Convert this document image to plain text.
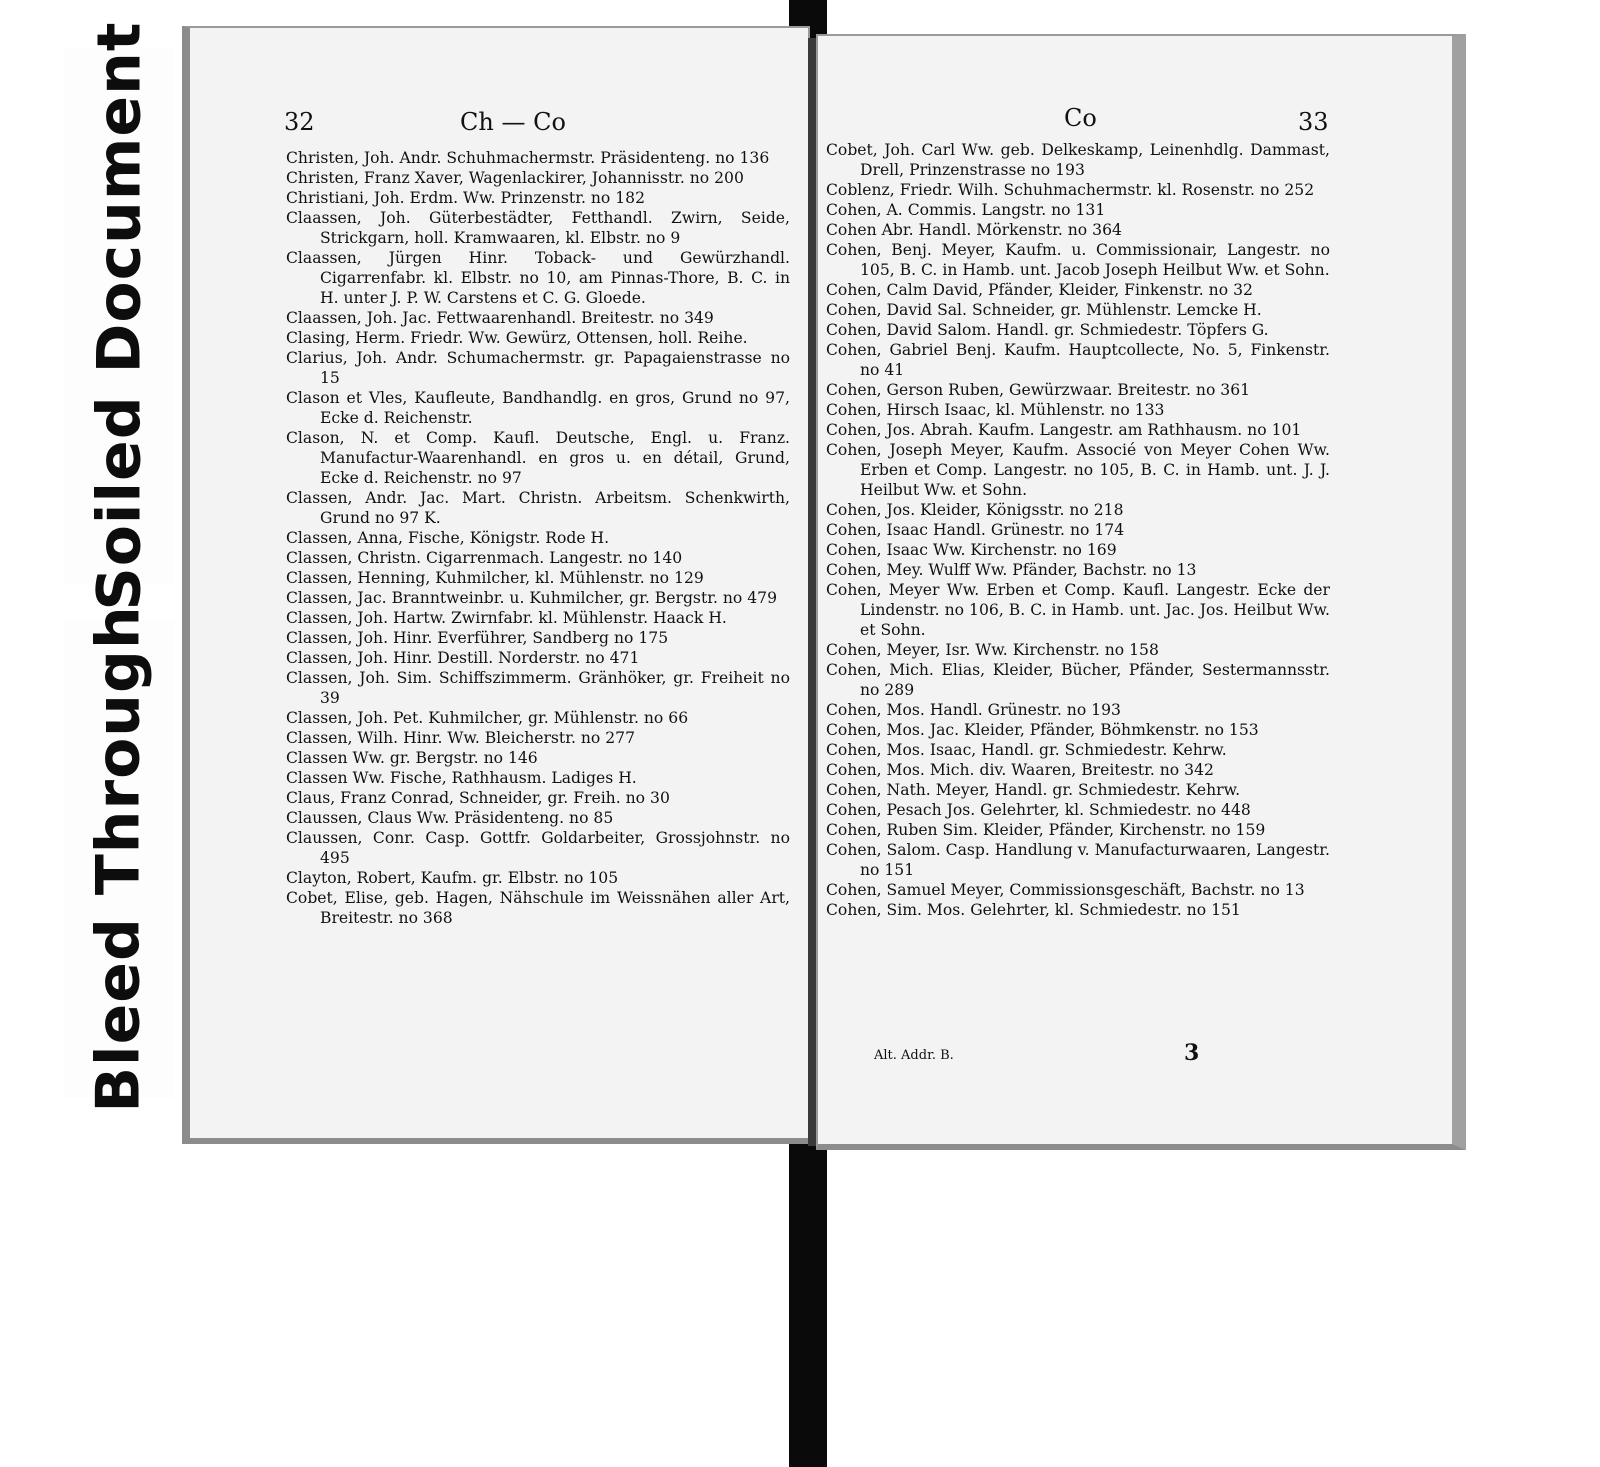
Soiled Document
Bleed Through
32	Ch — Co
Christen, Joh. Andr. Schuhmachermstr. Präsidenteng. no 136
Christen, Franz Xaver, Wagenlackirer, Johannisstr. no 200
Christiani, Joh. Erdm. Ww. Prinzenstr. no 182
Claassen, Joh. Güterbestädter, Fetthandl. Zwirn, Seide, Strickgarn, holl. Kramwaaren, kl. Elbstr. no 9
Claassen, Jürgen Hinr. Toback- und Gewürzhandl. Cigarrenfabr. kl. Elbstr. no 10, am Pinnas-Thore, B. C. in H. unter J. P. W. Carstens et C. G. Gloede.
Claassen, Joh. Jac. Fettwaarenhandl. Breitestr. no 349
Clasing, Herm. Friedr. Ww. Gewürz, Ottensen, holl. Reihe.
Clarius, Joh. Andr. Schumachermstr. gr. Papagaienstrasse no 15
Clason et Vles, Kaufleute, Bandhandlg. en gros, Grund no 97, Ecke d. Reichenstr.
Clason, N. et Comp. Kaufl. Deutsche, Engl. u. Franz. Manufactur-Waarenhandl. en gros u. en détail, Grund, Ecke d. Reichenstr. no 97
Classen, Andr. Jac. Mart. Christn. Arbeitsm. Schenkwirth, Grund no 97 K.
Classen, Anna, Fische, Königstr. Rode H.
Classen, Christn. Cigarrenmach. Langestr. no 140
Classen, Henning, Kuhmilcher, kl. Mühlenstr. no 129
Classen, Jac. Branntweinbr. u. Kuhmilcher, gr. Bergstr. no 479
Classen, Joh. Hartw. Zwirnfabr. kl. Mühlenstr. Haack H.
Classen, Joh. Hinr. Everführer, Sandberg no 175
Classen, Joh. Hinr. Destill. Norderstr. no 471
Classen, Joh. Sim. Schiffszimmerm. Gränhöker, gr. Freiheit no 39
Classen, Joh. Pet. Kuhmilcher, gr. Mühlenstr. no 66
Classen, Wilh. Hinr. Ww. Bleicherstr. no 277
Classen Ww. gr. Bergstr. no 146
Classen Ww. Fische, Rathhausm. Ladiges H.
Claus, Franz Conrad, Schneider, gr. Freih. no 30
Claussen, Claus Ww. Präsidenteng. no 85
Claussen, Conr. Casp. Gottfr. Goldarbeiter, Grossjohnstr. no 495
Clayton, Robert, Kaufm. gr. Elbstr. no 105
Cobet, Elise, geb. Hagen, Nähschule im Weissnähen aller Art, Breitestr. no 368
Co	33
Cobet, Joh. Carl Ww. geb. Delkeskamp, Leinenhdlg. Dammast, Drell, Prinzenstrasse no 193
Coblenz, Friedr. Wilh. Schuhmachermstr. kl. Rosenstr. no 252
Cohen, A. Commis. Langstr. no 131
Cohen Abr. Handl. Mörkenstr. no 364
Cohen, Benj. Meyer, Kaufm. u. Commissionair, Langestr. no 105, B. C. in Hamb. unt. Jacob Joseph Heilbut Ww. et Sohn.
Cohen, Calm David, Pfänder, Kleider, Finkenstr. no 32
Cohen, David Sal. Schneider, gr. Mühlenstr. Lemcke H.
Cohen, David Salom. Handl. gr. Schmiedestr. Töpfers G.
Cohen, Gabriel Benj. Kaufm. Hauptcollecte, No. 5, Finkenstr. no 41
Cohen, Gerson Ruben, Gewürzwaar. Breitestr. no 361
Cohen, Hirsch Isaac, kl. Mühlenstr. no 133
Cohen, Jos. Abrah. Kaufm. Langestr. am Rathhausm. no 101
Cohen, Joseph Meyer, Kaufm. Associé von Meyer Cohen Ww. Erben et Comp. Langestr. no 105, B. C. in Hamb. unt. J. J. Heilbut Ww. et Sohn.
Cohen, Jos. Kleider, Königsstr. no 218
Cohen, Isaac Handl. Grünestr. no 174
Cohen, Isaac Ww. Kirchenstr. no 169
Cohen, Mey. Wulff Ww. Pfänder, Bachstr. no 13
Cohen, Meyer Ww. Erben et Comp. Kaufl. Langestr. Ecke der Lindenstr. no 106, B. C. in Hamb. unt. Jac. Jos. Heilbut Ww. et Sohn.
Cohen, Meyer, Isr. Ww. Kirchenstr. no 158
Cohen, Mich. Elias, Kleider, Bücher, Pfänder, Sestermannsstr. no 289
Cohen, Mos. Handl. Grünestr. no 193
Cohen, Mos. Jac. Kleider, Pfänder, Böhmkenstr. no 153
Cohen, Mos. Isaac, Handl. gr. Schmiedestr. Kehrw.
Cohen, Mos. Mich. div. Waaren, Breitestr. no 342
Cohen, Nath. Meyer, Handl. gr. Schmiedestr. Kehrw.
Cohen, Pesach Jos. Gelehrter, kl. Schmiedestr. no 448
Cohen, Ruben Sim. Kleider, Pfänder, Kirchenstr. no 159
Cohen, Salom. Casp. Handlung v. Manufacturwaaren, Langestr. no 151
Cohen, Samuel Meyer, Commissionsgeschäft, Bachstr. no 13
Cohen, Sim. Mos. Gelehrter, kl. Schmiedestr. no 151
Alt. Addr. B.	3
